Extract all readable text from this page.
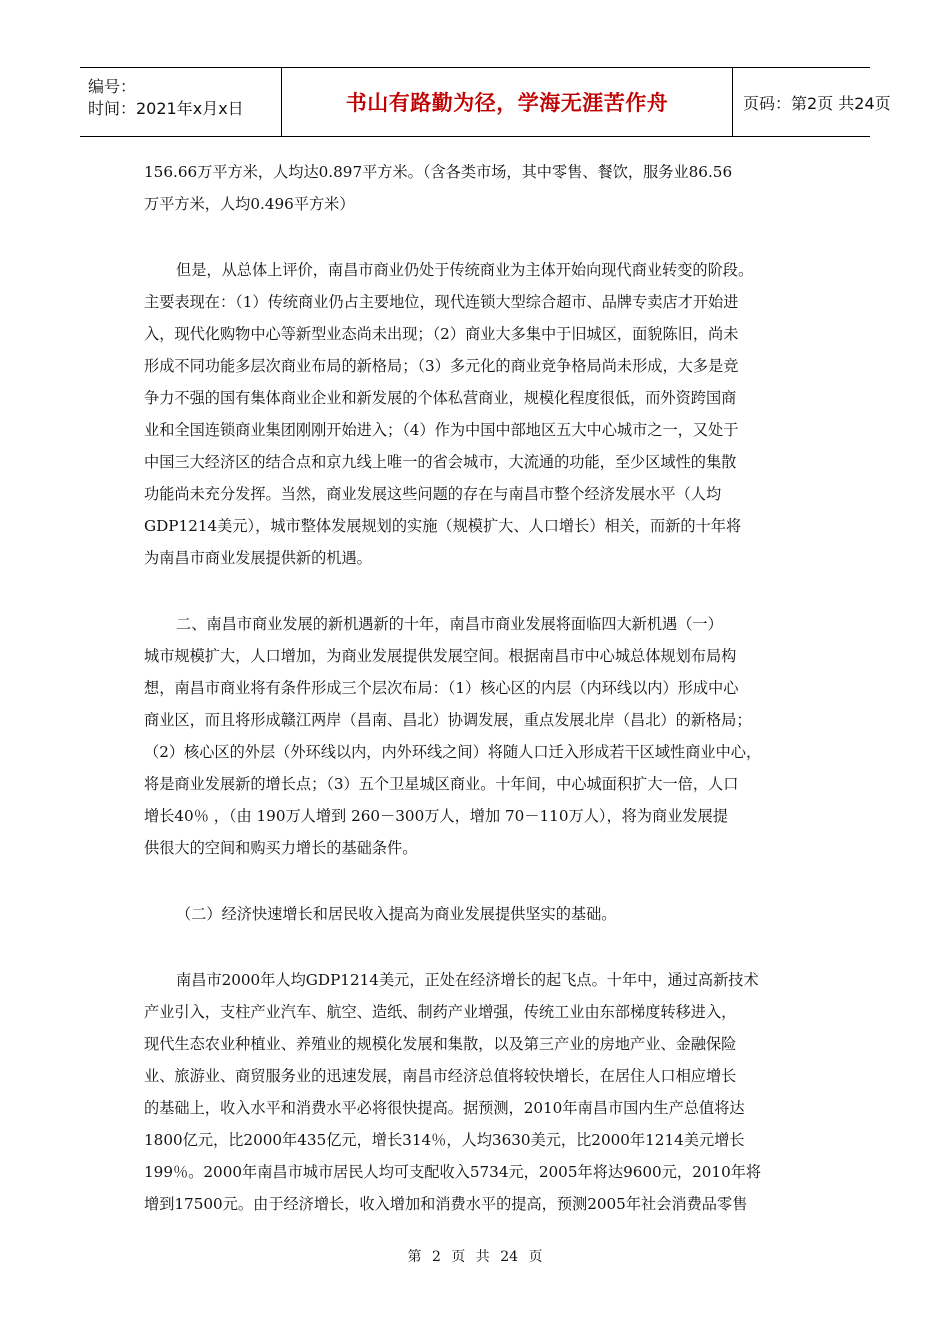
编号：
时间：2021年x月x日	书山有路勤为径，学海无涯苦作舟	页码：第2页 共24页
156.66万平方米，人均达0.897平方米。（含各类市场，其中零售、餐饮，服务业86.56
万平方米，人均0.496平方米）
但是，从总体上评价，南昌市商业仍处于传统商业为主体开始向现代商业转变的阶段。
主要表现在：（1）传统商业仍占主要地位，现代连锁大型综合超市、品牌专卖店才开始进
入，现代化购物中心等新型业态尚未出现；（2）商业大多集中于旧城区，面貌陈旧，尚未
形成不同功能多层次商业布局的新格局；（3）多元化的商业竞争格局尚未形成，大多是竞
争力不强的国有集体商业企业和新发展的个体私营商业，规模化程度很低，而外资跨国商
业和全国连锁商业集团刚刚开始进入；（4）作为中国中部地区五大中心城市之一，又处于
中国三大经济区的结合点和京九线上唯一的省会城市，大流通的功能，至少区域性的集散
功能尚未充分发挥。当然，商业发展这些问题的存在与南昌市整个经济发展水平（人均
GDP1214美元），城市整体发展规划的实施（规模扩大、人口增长）相关，而新的十年将
为南昌市商业发展提供新的机遇。
二、南昌市商业发展的新机遇新的十年，南昌市商业发展将面临四大新机遇（一）
城市规模扩大，人口增加，为商业发展提供发展空间。根据南昌市中心城总体规划布局构
想，南昌市商业将有条件形成三个层次布局：（1）核心区的内层（内环线以内）形成中心
商业区，而且将形成赣江两岸（昌南、昌北）协调发展，重点发展北岸（昌北）的新格局；
（2）核心区的外层（外环线以内，内外环线之间）将随人口迁入形成若干区域性商业中心，
将是商业发展新的增长点；（3）五个卫星城区商业。十年间，中心城面积扩大一倍，人口
增长40％ ，（由 190万人增到 260－300万人，增加 70－110万人），将为商业发展提
供很大的空间和购买力增长的基础条件。
（二）经济快速增长和居民收入提高为商业发展提供坚实的基础。
南昌市2000年人均GDP1214美元，正处在经济增长的起飞点。十年中，通过高新技术
产业引入，支柱产业汽车、航空、造纸、制药产业增强，传统工业由东部梯度转移进入，
现代生态农业种植业、养殖业的规模化发展和集散，以及第三产业的房地产业、金融保险
业、旅游业、商贸服务业的迅速发展，南昌市经济总值将较快增长，在居住人口相应增长
的基础上，收入水平和消费水平必将很快提高。据预测，2010年南昌市国内生产总值将达
1800亿元，比2000年435亿元，增长314％，人均3630美元，比2000年1214美元增长
199％。2000年南昌市城市居民人均可支配收入5734元，2005年将达9600元，2010年将
增到17500元。由于经济增长，收入增加和消费水平的提高，预测2005年社会消费品零售
第 2 页 共 24 页
